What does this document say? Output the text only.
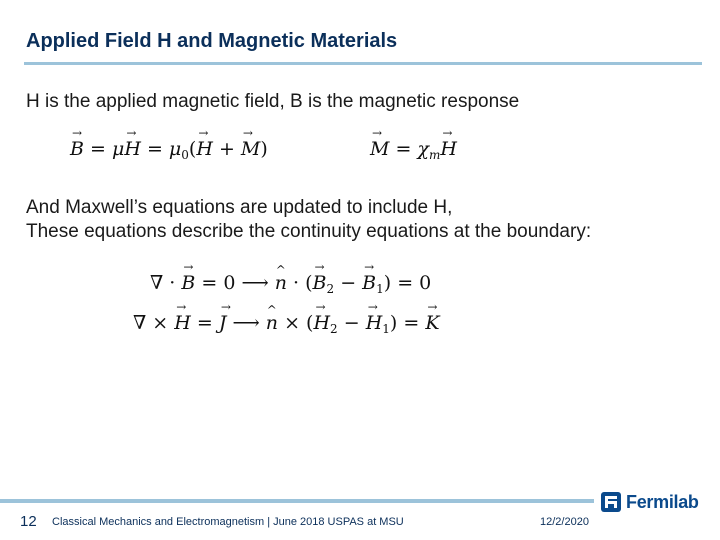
Applied Field H and Magnetic Materials
H is the applied magnetic field, B is the magnetic response
→ $B = \mu\to H = \mu_0(\to H$ + → M)
→	$M = \chi_m\to H$
And Maxwell’s equations are updated to include H,
These equations describe the continuity equations at the boundary:
∇ · → B = 0 ⟶ ^ n · (→ $B_2$ − → $B_1) = 0$
∇ × → H = → J ⟶ ^ n × (→ $H_2$ − → $H_1$) = → K
12 Classical Mechanics and Electromagnetism | June 2018 USPAS at MSU	12/2/2020
Fermilab
